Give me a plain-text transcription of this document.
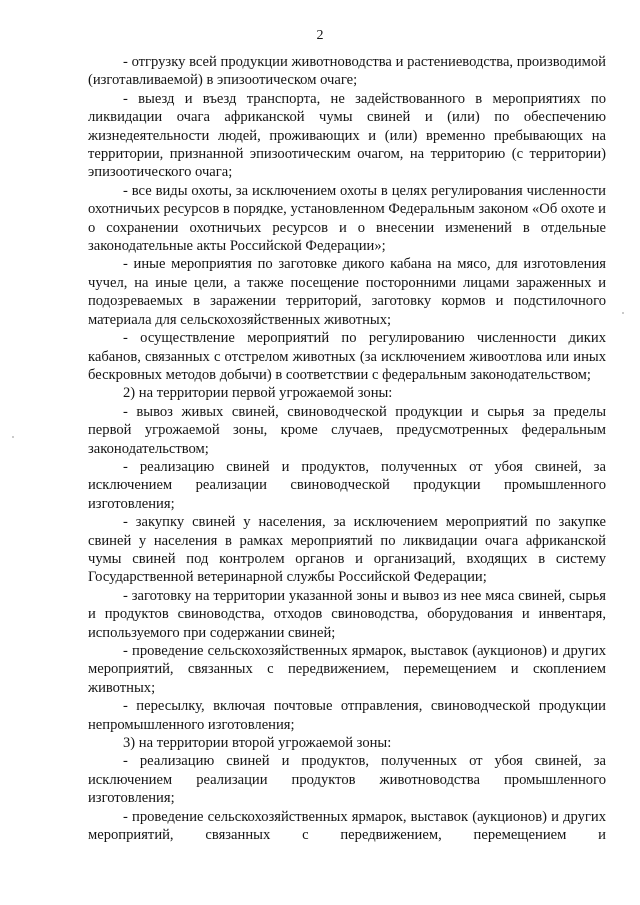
2

- отгрузку всей продукции животноводства и растениеводства, производимой (изготавливаемой) в эпизоотическом очаге;

- выезд и въезд транспорта, не задействованного в мероприятиях по ликвидации очага африканской чумы свиней и (или) по обеспечению жизнедеятельности людей, проживающих и (или) временно пребывающих на территории, признанной эпизоотическим очагом, на территорию (с территории) эпизоотического очага;

- все виды охоты, за исключением охоты в целях регулирования численности охотничьих ресурсов в порядке, установленном Федеральным законом «Об охоте и о сохранении охотничьих ресурсов и о внесении изменений в отдельные законодательные акты Российской Федерации»;

- иные мероприятия по заготовке дикого кабана на мясо, для изготовления чучел, на иные цели, а также посещение посторонними лицами зараженных и подозреваемых в заражении территорий, заготовку кормов и подстилочного материала для сельскохозяйственных животных;

- осуществление мероприятий по регулированию численности диких кабанов, связанных с отстрелом животных (за исключением живоотлова или иных бескровных методов добычи) в соответствии с федеральным законодательством;

2) на территории первой угрожаемой зоны:

- вывоз живых свиней, свиноводческой продукции и сырья за пределы первой угрожаемой зоны, кроме случаев, предусмотренных федеральным законодательством;

- реализацию свиней и продуктов, полученных от убоя свиней, за исключением реализации свиноводческой продукции промышленного изготовления;

- закупку свиней у населения, за исключением мероприятий по закупке свиней у населения в рамках мероприятий по ликвидации очага африканской чумы свиней под контролем органов и организаций, входящих в систему Государственной ветеринарной службы Российской Федерации;

- заготовку на территории указанной зоны и вывоз из нее мяса свиней, сырья и продуктов свиноводства, отходов свиноводства, оборудования и инвентаря, используемого при содержании свиней;

- проведение сельскохозяйственных ярмарок, выставок (аукционов) и других мероприятий, связанных с передвижением, перемещением и скоплением животных;

- пересылку, включая почтовые отправления, свиноводческой продукции непромышленного изготовления;

3) на территории второй угрожаемой зоны:

- реализацию свиней и продуктов, полученных от убоя свиней, за исключением реализации продуктов животноводства промышленного изготовления;

- проведение сельскохозяйственных ярмарок, выставок (аукционов) и других мероприятий, связанных с передвижением, перемещением и
